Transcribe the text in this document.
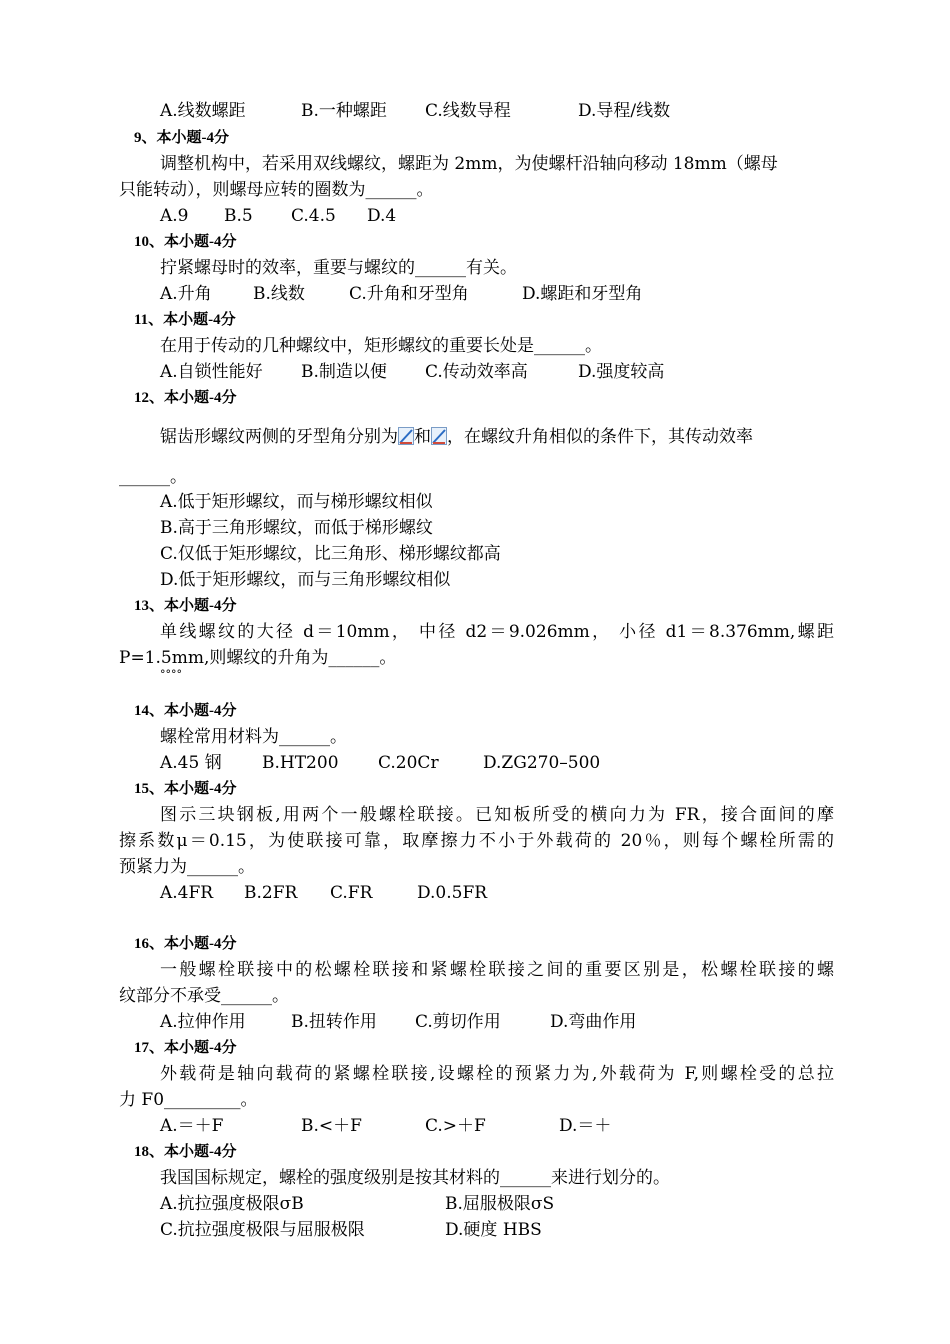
A.线数螺距	B.一种螺距 C.线数导程	D.导程/线数
9、本小题-4分
调整机构中，若采用双线螺纹，螺距为 2mm，为使螺杆沿轴向移动 18mm（螺母
只能转动），则螺母应转的圈数为______。
A.9 B.5 C.4.5 D.4
10、本小题-4分
拧紧螺母时的效率，重要与螺纹的______有关。
A.升角 B.线数	C.升角和牙型角	D.螺距和牙型角
11、本小题-4分
在用于传动的几种螺纹中，矩形螺纹的重要长处是______。
A.自锁性能好 B.制造以便 C.传动效率高	D.强度较高
12、本小题-4分
锯齿形螺纹两侧的牙型角分别为 和 ，在螺纹升角相似的条件下，其传动效率
______。
A.低于矩形螺纹，而与梯形螺纹相似
B.高于三角形螺纹，而低于梯形螺纹
C.仅低于矩形螺纹，比三角形、梯形螺纹都高
D.低于矩形螺纹，而与三角形螺纹相似
13、本小题-4分
单线螺纹的大径 d＝10mm， 中径 d2＝9.026mm， 小径 d1＝8.376mm,螺距
P=1.5mm,则螺纹的升角为______。
°°°°
14、本小题-4分
螺栓常用材料为______。
A.45 钢 B.HT200 C.20Cr	D.ZG270–500
15、本小题-4分
图示三块钢板,用两个一般螺栓联接。已知板所受的横向力为 FR，接合面间的摩
擦系数μ＝0.15，为使联接可靠，取摩擦力不小于外载荷的 20％，则每个螺栓所需的
预紧力为______。
A.4FR B.2FR C.FR	D.0.5FR
16、本小题-4分
一般螺栓联接中的松螺栓联接和紧螺栓联接之间的重要区别是，松螺栓联接的螺
纹部分不承受______。
A.拉伸作用	B.扭转作用 C.剪切作用	D.弯曲作用
17、本小题-4分
外载荷是轴向载荷的紧螺栓联接,设螺栓的预紧力为,外载荷为 F,则螺栓受的总拉
力 F0_________。
A.＝＋F	B.<＋F	C.>＋F	D.＝＋
18、本小题-4分
我国国标规定，螺栓的强度级别是按其材料的______来进行划分的。
A.抗拉强度极限σB	B.屈服极限σS
C.抗拉强度极限与屈服极限	D.硬度 HBS
